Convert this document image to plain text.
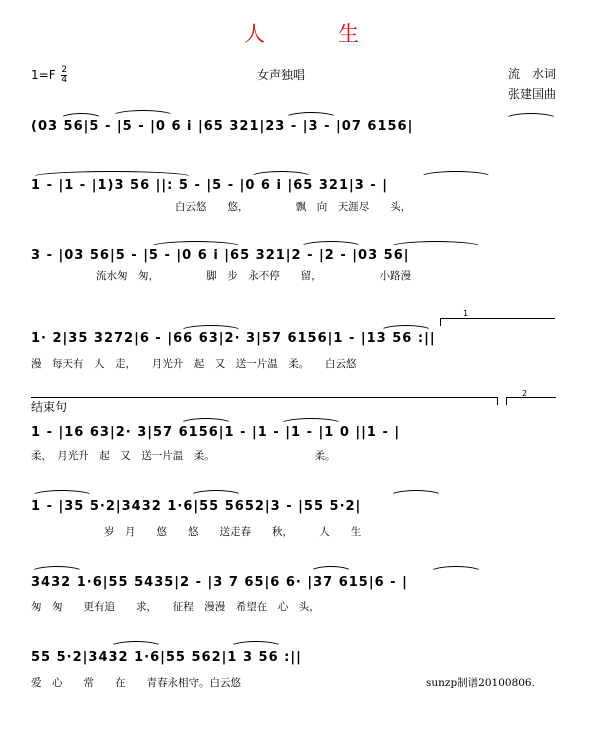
人　生
$1=F \frac{2}{4}$	女声独唱	流　水词
张建国曲
(03 56|5 - |5 - |0 6 i |65 321|23 - |3 - |07 6156|
1 - |1 - |1)3 56 ||: 5 - |5 - |0 6 i |65 321|3 - |
白云悠　　悠，　　　　　飘　向　天涯尽　　头，
3 - |03 56|5 - |5 - |0 6 i |65 321|2 - |2 - |03 56|
流水匆　匆，　　　　　脚　步　永不停　　留，　　　　　　小路漫
1
1· 2|35 3272|6 - |66 63|2· 3|57 6156|1 - |13 56 :||
漫　每天有　人　走，　　月光升　起　又　送一片温　柔。　　白云悠
结束句
2
1 - |16 63|2· 3|57 6156|1 - |1 - |1 - |1 0 ||1 - |
柔，　月光升　起　又　送一片温　柔。　　　　　　　　　　柔。
1 - |35 5·2|3432 1·6|55 5652|3 - |55 5·2|
岁　月　　悠　　悠　　送走春　　秋，　　　人　　生
3432 1·6|55 5435|2 - |3 7 65|6 6· |37 615|6 - |
匆　匆　　更有追　　求，　　征程　漫漫　希望在　心　头，
55 5·2|3432 1·6|55 562|1 3 56 :||
爱　心　　常　　在　　青春永相守。白云悠	sunzp制谱20100806.
